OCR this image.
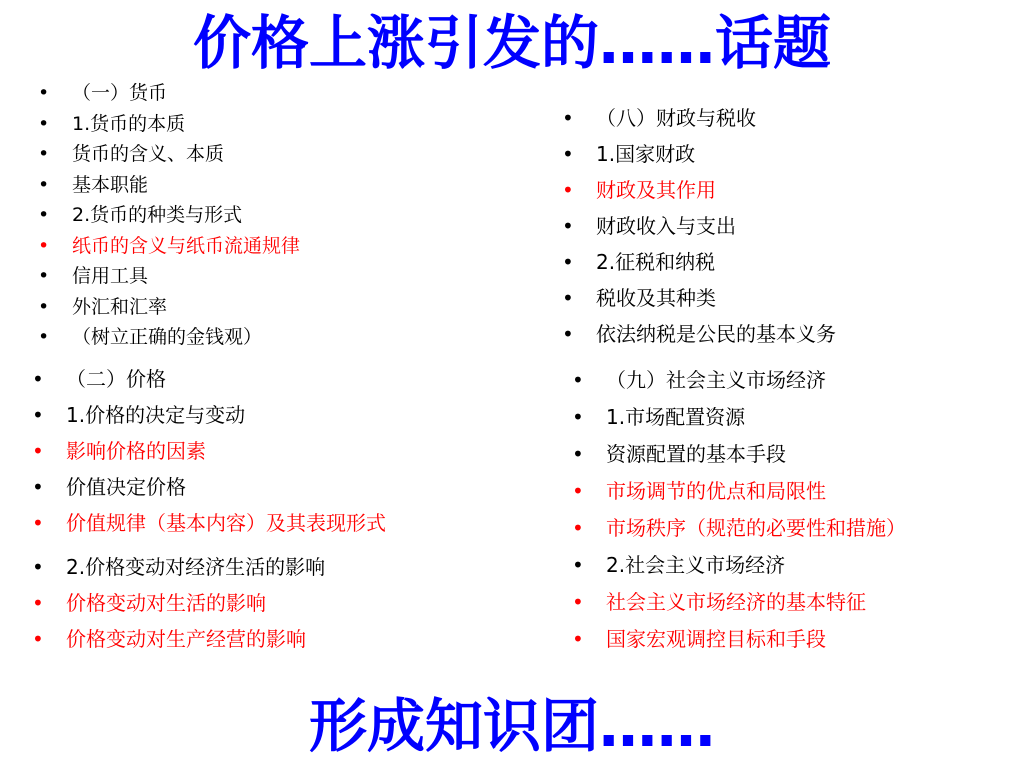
价格上涨引发的……话题
• （一）货币
• 1.货币的本质
• 货币的含义、本质
• 基本职能
• 2.货币的种类与形式
• 纸币的含义与纸币流通规律
• 信用工具
• 外汇和汇率
• （树立正确的金钱观）
• （八）财政与税收
• 1.国家财政
• 财政及其作用
• 财政收入与支出
• 2.征税和纳税
• 税收及其种类
• 依法纳税是公民的基本义务
• （二）价格
• 1.价格的决定与变动
• 影响价格的因素
• 价值决定价格
• 价值规律（基本内容）及其表现形式
• 2.价格变动对经济生活的影响
• 价格变动对生活的影响
• 价格变动对生产经营的影响
• （九）社会主义市场经济
• 1.市场配置资源
• 资源配置的基本手段
• 市场调节的优点和局限性
• 市场秩序（规范的必要性和措施）
• 2.社会主义市场经济
• 社会主义市场经济的基本特征
• 国家宏观调控目标和手段
形成知识团……
